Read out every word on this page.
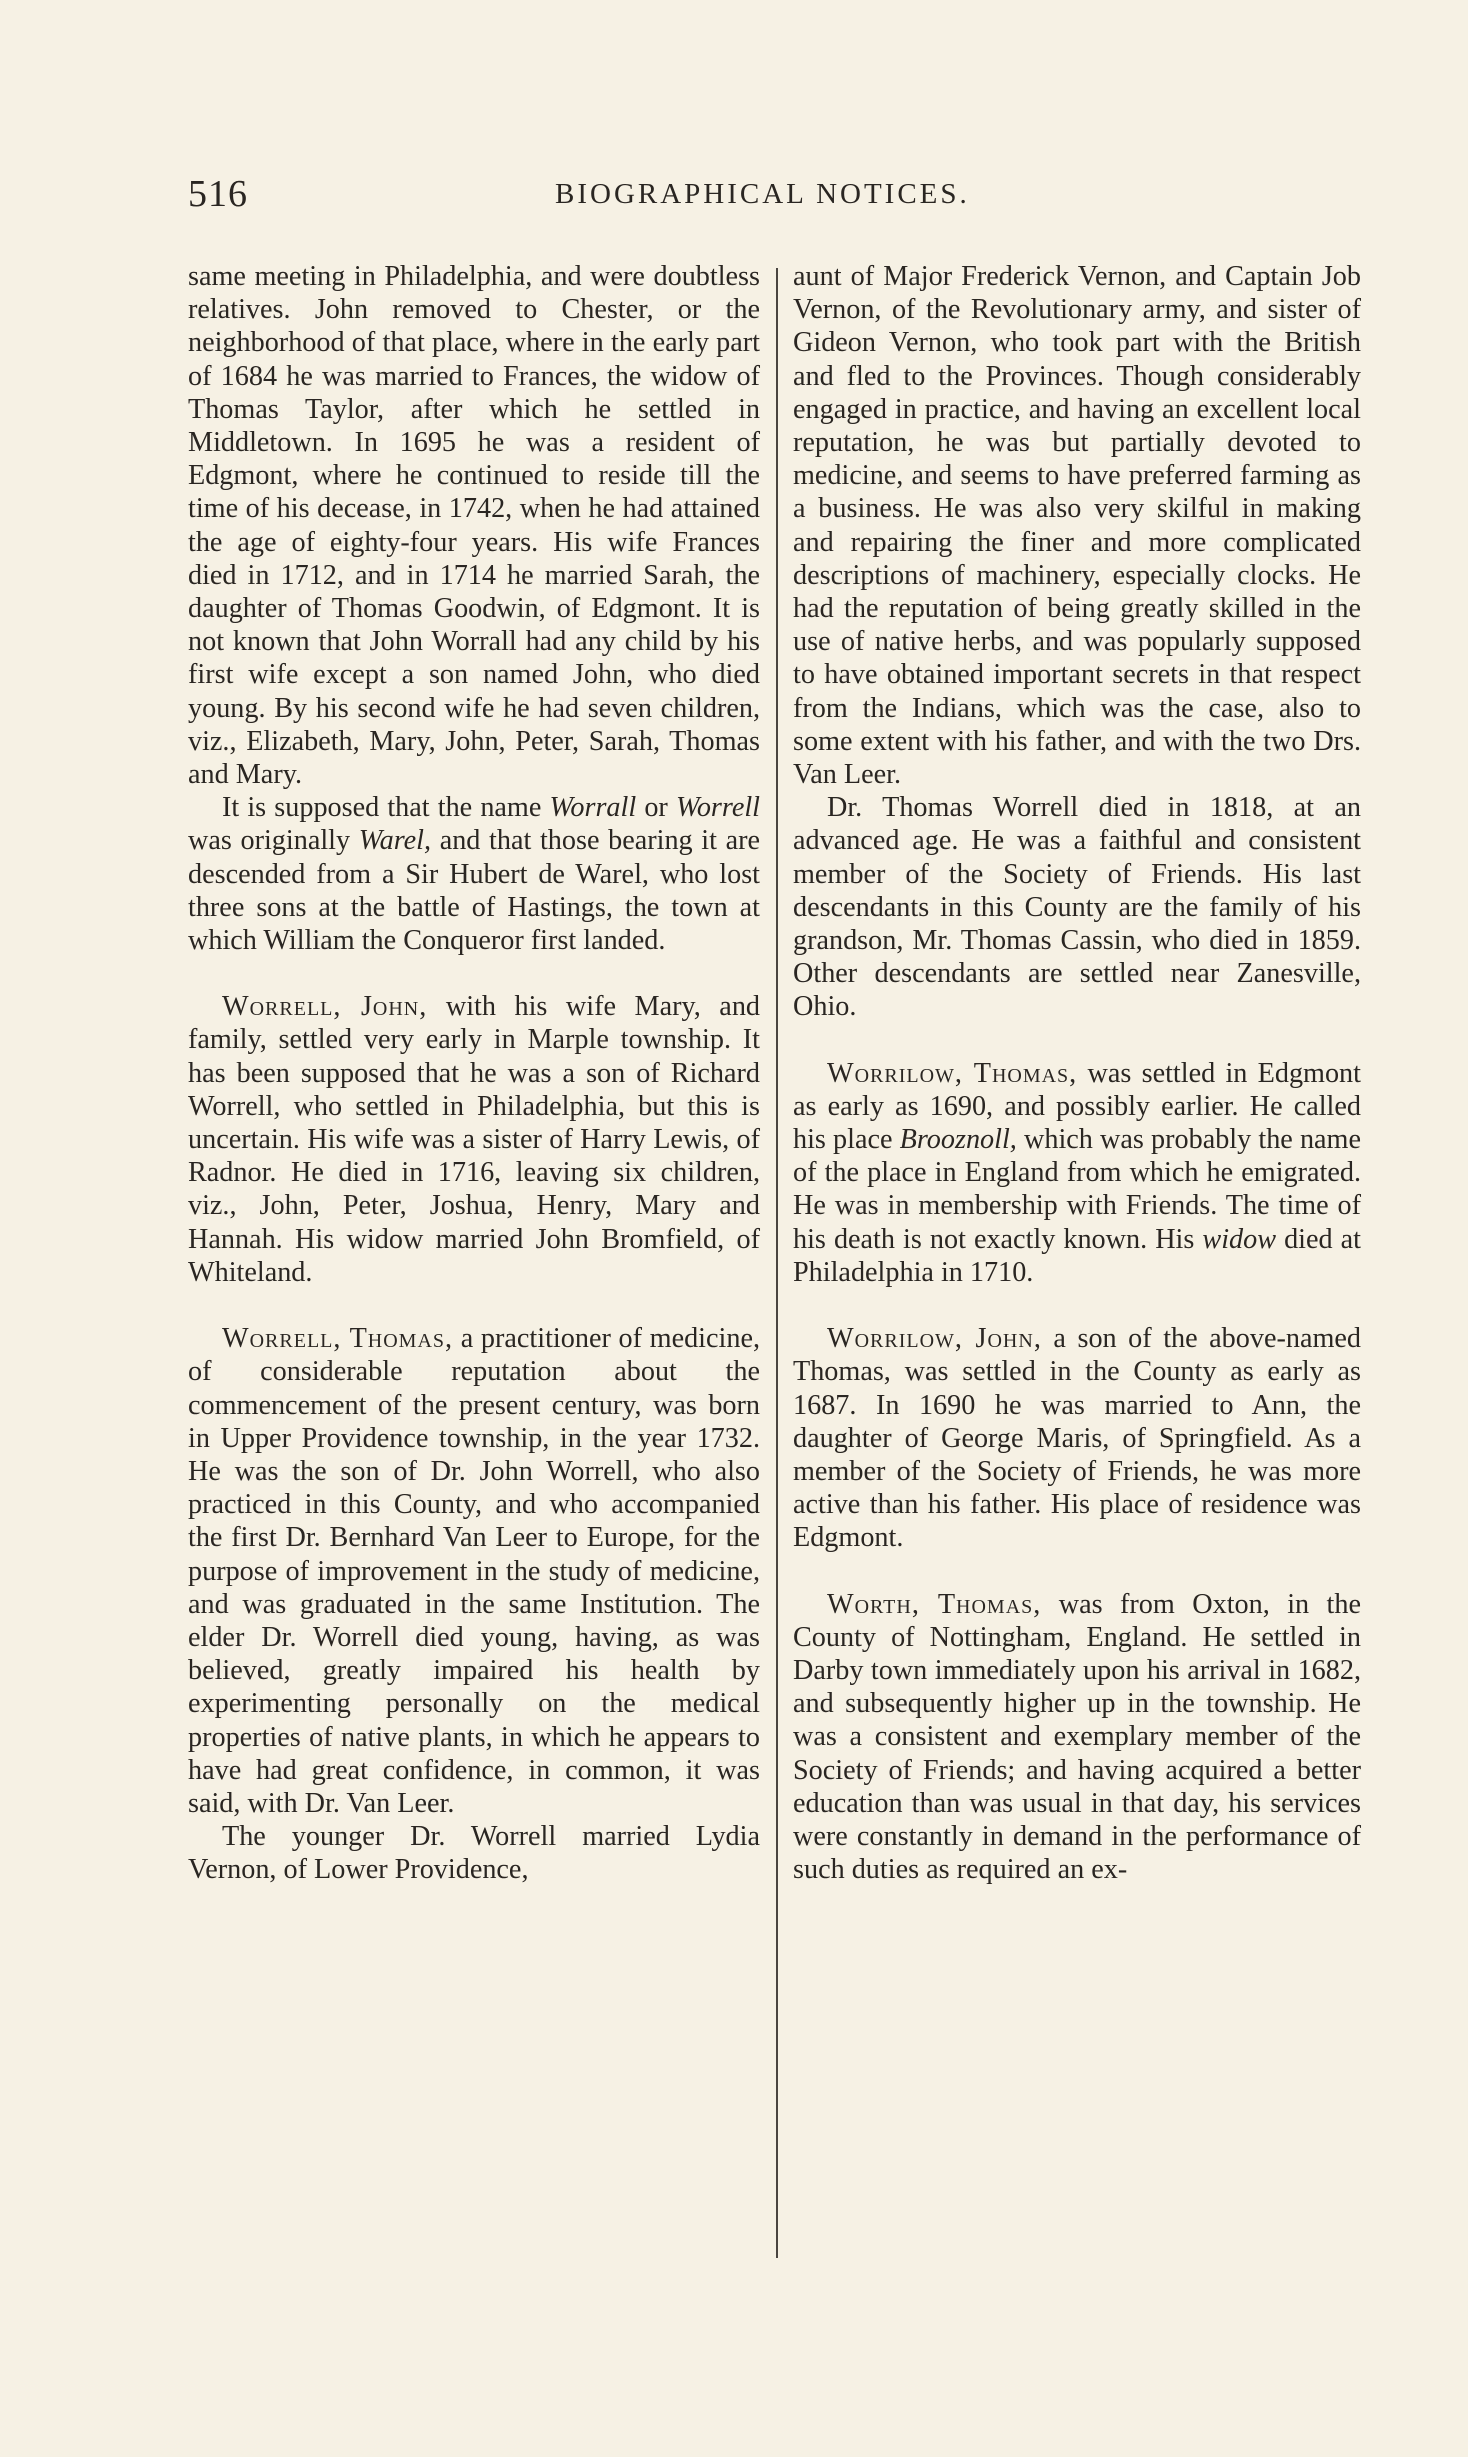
516	BIOGRAPHICAL NOTICES.

same meeting in Philadelphia, and were doubtless relatives. John removed to Chester, or the neighborhood of that place, where in the early part of 1684 he was married to Frances, the widow of Thomas Taylor, after which he settled in Middletown. In 1695 he was a resident of Edgmont, where he continued to reside till the time of his decease, in 1742, when he had attained the age of eighty-four years. His wife Frances died in 1712, and in 1714 he married Sarah, the daughter of Thomas Goodwin, of Edgmont. It is not known that John Worrall had any child by his first wife except a son named John, who died young. By his second wife he had seven children, viz., Elizabeth, Mary, John, Peter, Sarah, Thomas and Mary.

It is supposed that the name Worrall or Worrell was originally Warel, and that those bearing it are descended from a Sir Hubert de Warel, who lost three sons at the battle of Hastings, the town at which William the Conqueror first landed.

Worrell, John, with his wife Mary, and family, settled very early in Marple township. It has been supposed that he was a son of Richard Worrell, who settled in Philadelphia, but this is uncertain. His wife was a sister of Harry Lewis, of Radnor. He died in 1716, leaving six children, viz., John, Peter, Joshua, Henry, Mary and Hannah. His widow married John Bromfield, of Whiteland.

Worrell, Thomas, a practitioner of medicine, of considerable reputation about the commencement of the present century, was born in Upper Providence township, in the year 1732. He was the son of Dr. John Worrell, who also practiced in this County, and who accompanied the first Dr. Bernhard Van Leer to Europe, for the purpose of improvement in the study of medicine, and was graduated in the same Institution. The elder Dr. Worrell died young, having, as was believed, greatly impaired his health by experimenting personally on the medical properties of native plants, in which he appears to have had great confidence, in common, it was said, with Dr. Van Leer.

The younger Dr. Worrell married Lydia Vernon, of Lower Providence,

aunt of Major Frederick Vernon, and Captain Job Vernon, of the Revolutionary army, and sister of Gideon Vernon, who took part with the British and fled to the Provinces. Though considerably engaged in practice, and having an excellent local reputation, he was but partially devoted to medicine, and seems to have preferred farming as a business. He was also very skilful in making and repairing the finer and more complicated descriptions of machinery, especially clocks. He had the reputation of being greatly skilled in the use of native herbs, and was popularly supposed to have obtained important secrets in that respect from the Indians, which was the case, also to some extent with his father, and with the two Drs. Van Leer.

Dr. Thomas Worrell died in 1818, at an advanced age. He was a faithful and consistent member of the Society of Friends. His last descendants in this County are the family of his grandson, Mr. Thomas Cassin, who died in 1859. Other descendants are settled near Zanesville, Ohio.

Worrilow, Thomas, was settled in Edgmont as early as 1690, and possibly earlier. He called his place Brooznoll, which was probably the name of the place in England from which he emigrated. He was in membership with Friends. The time of his death is not exactly known. His widow died at Philadelphia in 1710.

Worrilow, John, a son of the above-named Thomas, was settled in the County as early as 1687. In 1690 he was married to Ann, the daughter of George Maris, of Springfield. As a member of the Society of Friends, he was more active than his father. His place of residence was Edgmont.

Worth, Thomas, was from Oxton, in the County of Nottingham, England. He settled in Darby town immediately upon his arrival in 1682, and subsequently higher up in the township. He was a consistent and exemplary member of the Society of Friends; and having acquired a better education than was usual in that day, his services were constantly in demand in the performance of such duties as required an ex-
